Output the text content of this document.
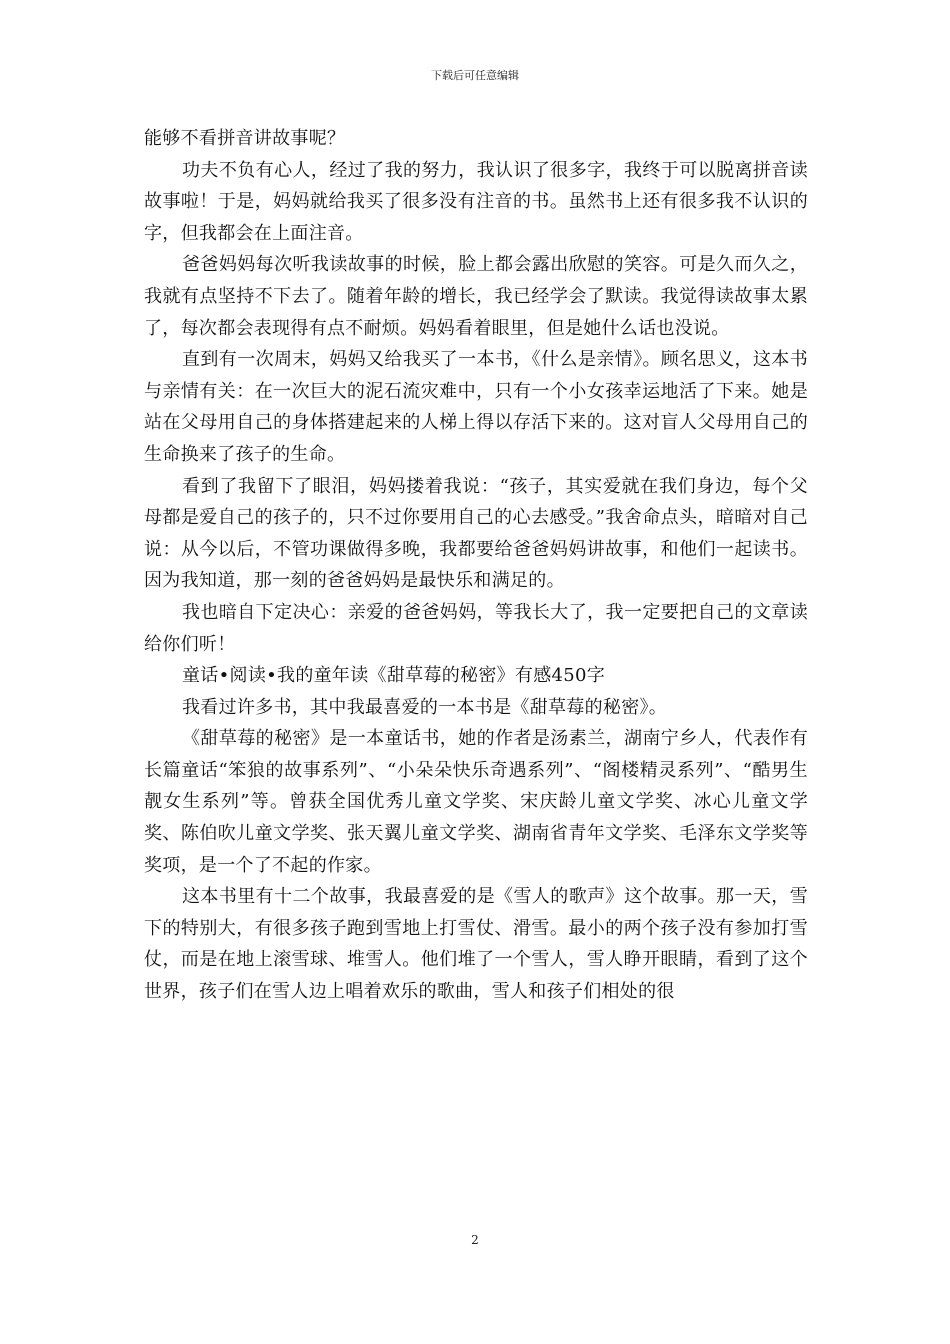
下载后可任意编辑

能够不看拼音讲故事呢？

功夫不负有心人，经过了我的努力，我认识了很多字，我终于可以脱离拼音读故事啦！于是，妈妈就给我买了很多没有注音的书。虽然书上还有很多我不认识的字，但我都会在上面注音。

爸爸妈妈每次听我读故事的时候，脸上都会露出欣慰的笑容。可是久而久之，我就有点坚持不下去了。随着年龄的增长，我已经学会了默读。我觉得读故事太累了，每次都会表现得有点不耐烦。妈妈看着眼里，但是她什么话也没说。

直到有一次周末，妈妈又给我买了一本书，《什么是亲情》。顾名思义，这本书与亲情有关：在一次巨大的泥石流灾难中，只有一个小女孩幸运地活了下来。她是站在父母用自己的身体搭建起来的人梯上得以存活下来的。这对盲人父母用自己的生命换来了孩子的生命。

看到了我留下了眼泪，妈妈搂着我说：“孩子，其实爱就在我们身边，每个父母都是爱自己的孩子的，只不过你要用自己的心去感受。”我舍命点头，暗暗对自己说：从今以后，不管功课做得多晚，我都要给爸爸妈妈讲故事，和他们一起读书。因为我知道，那一刻的爸爸妈妈是最快乐和满足的。

我也暗自下定决心：亲爱的爸爸妈妈，等我长大了，我一定要把自己的文章读给你们听！

童话•阅读•我的童年读《甜草莓的秘密》有感450字

我看过许多书，其中我最喜爱的一本书是《甜草莓的秘密》。

《甜草莓的秘密》是一本童话书，她的作者是汤素兰，湖南宁乡人，代表作有长篇童话“笨狼的故事系列”、“小朵朵快乐奇遇系列”、“阁楼精灵系列”、“酷男生靓女生系列”等。曾获全国优秀儿童文学奖、宋庆龄儿童文学奖、冰心儿童文学奖、陈伯吹儿童文学奖、张天翼儿童文学奖、湖南省青年文学奖、毛泽东文学奖等奖项，是一个了不起的作家。

这本书里有十二个故事，我最喜爱的是《雪人的歌声》这个故事。那一天，雪下的特别大，有很多孩子跑到雪地上打雪仗、滑雪。最小的两个孩子没有参加打雪仗，而是在地上滚雪球、堆雪人。他们堆了一个雪人，雪人睁开眼睛，看到了这个世界，孩子们在雪人边上唱着欢乐的歌曲，雪人和孩子们相处的很

2
